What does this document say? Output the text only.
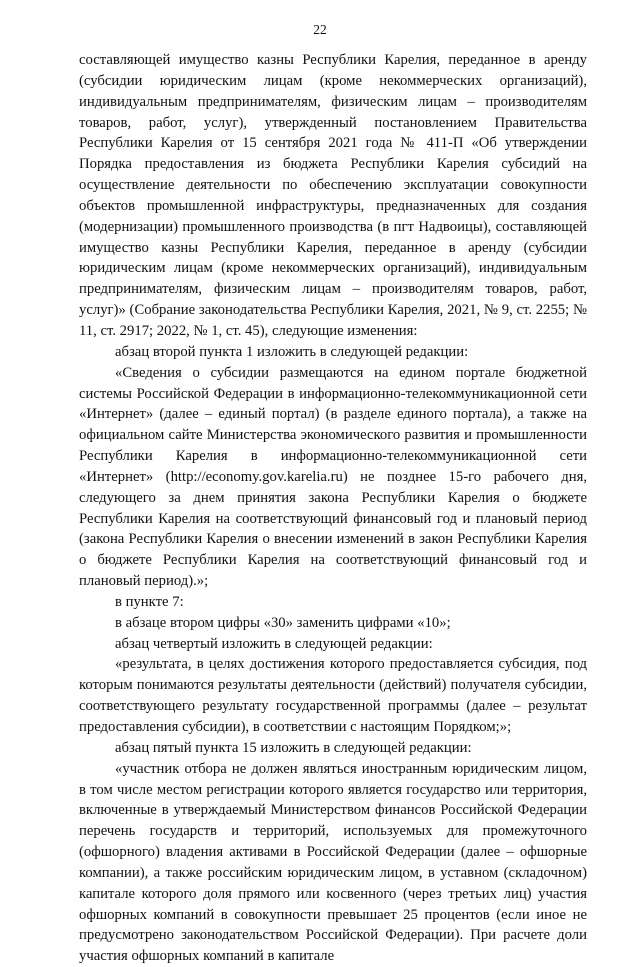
22

составляющей имущество казны Республики Карелия, переданное в аренду (субсидии юридическим лицам (кроме некоммерческих организаций), индивидуальным предпринимателям, физическим лицам – производителям товаров, работ, услуг), утвержденный постановлением Правительства Республики Карелия от 15 сентября 2021 года № 411-П «Об утверждении Порядка предоставления из бюджета Республики Карелия субсидий на осуществление деятельности по обеспечению эксплуатации совокупности объектов промышленной инфраструктуры, предназначенных для создания (модернизации) промышленного производства (в пгт Надвоицы), составляющей имущество казны Республики Карелия, переданное в аренду (субсидии юридическим лицам (кроме некоммерческих организаций), индивидуальным предпринимателям, физическим лицам – производителям товаров, работ, услуг)» (Собрание законодательства Республики Карелия, 2021, № 9, ст. 2255; № 11, ст. 2917; 2022, № 1, ст. 45), следующие изменения:

абзац второй пункта 1 изложить в следующей редакции:

«Сведения о субсидии размещаются на едином портале бюджетной системы Российской Федерации в информационно-телекоммуникационной сети «Интернет» (далее – единый портал) (в разделе единого портала), а также на официальном сайте Министерства экономического развития и промышленности Республики Карелия в информационно-телекоммуникационной сети «Интернет» (http://economy.gov.karelia.ru) не позднее 15-го рабочего дня, следующего за днем принятия закона Республики Карелия о бюджете Республики Карелия на соответствующий финансовый год и плановый период (закона Республики Карелия о внесении изменений в закон Республики Карелия о бюджете Республики Карелия на соответствующий финансовый год и плановый период).»;

в пункте 7:

в абзаце втором цифры «30» заменить цифрами «10»;

абзац четвертый изложить в следующей редакции:

«результата, в целях достижения которого предоставляется субсидия, под которым понимаются результаты деятельности (действий) получателя субсидии, соответствующего результату государственной программы (далее – результат предоставления субсидии), в соответствии с настоящим Порядком;»;

абзац пятый пункта 15 изложить в следующей редакции:

«участник отбора не должен являться иностранным юридическим лицом, в том числе местом регистрации которого является государство или территория, включенные в утверждаемый Министерством финансов Российской Федерации перечень государств и территорий, используемых для промежуточного (офшорного) владения активами в Российской Федерации (далее – офшорные компании), а также российским юридическим лицом, в уставном (складочном) капитале которого доля прямого или косвенного (через третьих лиц) участия офшорных компаний в совокупности превышает 25 процентов (если иное не предусмотрено законодательством Российской Федерации). При расчете доли участия офшорных компаний в капитале
